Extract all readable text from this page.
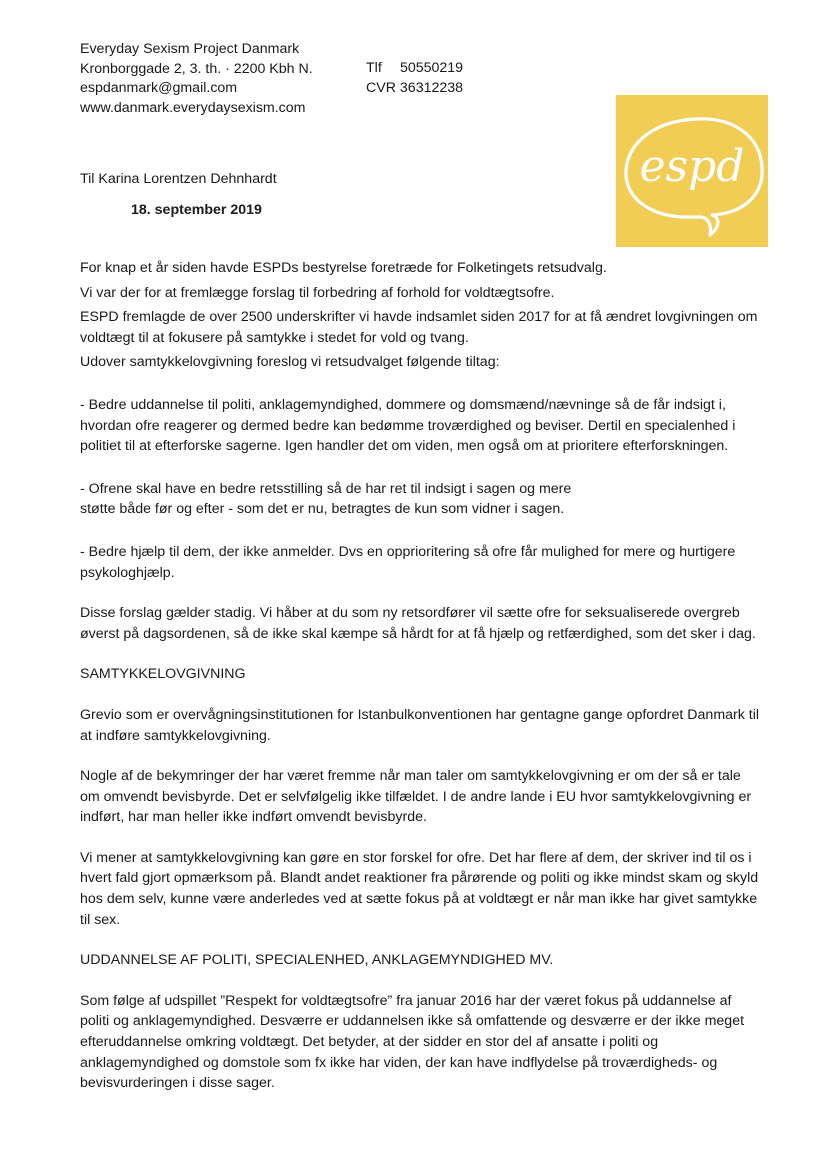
Everyday Sexism Project Danmark
Kronborggade 2, 3. th. · 2200 Kbh N.
espdanmark@gmail.com
www.danmark.everydaysexism.com
Tlf 50550219
CVR 36312238
espd
Til Karina Lorentzen Dehnhardt
18. september 2019

For knap et år siden havde ESPDs bestyrelse foretræde for Folketingets retsudvalg.

Vi var der for at fremlægge forslag til forbedring af forhold for voldtægtsofre.

ESPD fremlagde de over 2500 underskrifter vi havde indsamlet siden 2017 for at få ændret lovgivningen om voldtægt til at fokusere på samtykke i stedet for vold og tvang.

Udover samtykkelovgivning foreslog vi retsudvalget følgende tiltag:

- Bedre uddannelse til politi, anklagemyndighed, dommere og domsmænd/nævninge så de får indsigt i, hvordan ofre reagerer og dermed bedre kan bedømme troværdighed og beviser. Dertil en specialenhed i politiet til at efterforske sagerne. Igen handler det om viden, men også om at prioritere efterforskningen.

- Ofrene skal have en bedre retsstilling så de har ret til indsigt i sagen og mere
støtte både før og efter - som det er nu, betragtes de kun som vidner i sagen.

- Bedre hjælp til dem, der ikke anmelder. Dvs en opprioritering så ofre får mulighed for mere og hurtigere psykologhjælp.

Disse forslag gælder stadig. Vi håber at du som ny retsordfører vil sætte ofre for seksualiserede overgreb øverst på dagsordenen, så de ikke skal kæmpe så hårdt for at få hjælp og retfærdighed, som det sker i dag.

SAMTYKKELOVGIVNING

Grevio som er overvågningsinstitutionen for Istanbulkonventionen har gentagne gange opfordret Danmark til at indføre samtykkelovgivning.

Nogle af de bekymringer der har været fremme når man taler om samtykkelovgivning er om der så er tale om omvendt bevisbyrde. Det er selvfølgelig ikke tilfældet. I de andre lande i EU hvor samtykkelovgivning er indført, har man heller ikke indført omvendt bevisbyrde.

Vi mener at samtykkelovgivning kan gøre en stor forskel for ofre. Det har flere af dem, der skriver ind til os i hvert fald gjort opmærksom på. Blandt andet reaktioner fra pårørende og politi og ikke mindst skam og skyld hos dem selv, kunne være anderledes ved at sætte fokus på at voldtægt er når man ikke har givet samtykke til sex.

UDDANNELSE AF POLITI, SPECIALENHED, ANKLAGEMYNDIGHED MV.

Som følge af udspillet ”Respekt for voldtægtsofre” fra januar 2016 har der været fokus på uddannelse af politi og anklagemyndighed. Desværre er uddannelsen ikke så omfattende og desværre er der ikke meget efteruddannelse omkring voldtægt. Det betyder, at der sidder en stor del af ansatte i politi og anklagemyndighed og domstole som fx ikke har viden, der kan have indflydelse på troværdigheds- og bevisvurderingen i disse sager.
